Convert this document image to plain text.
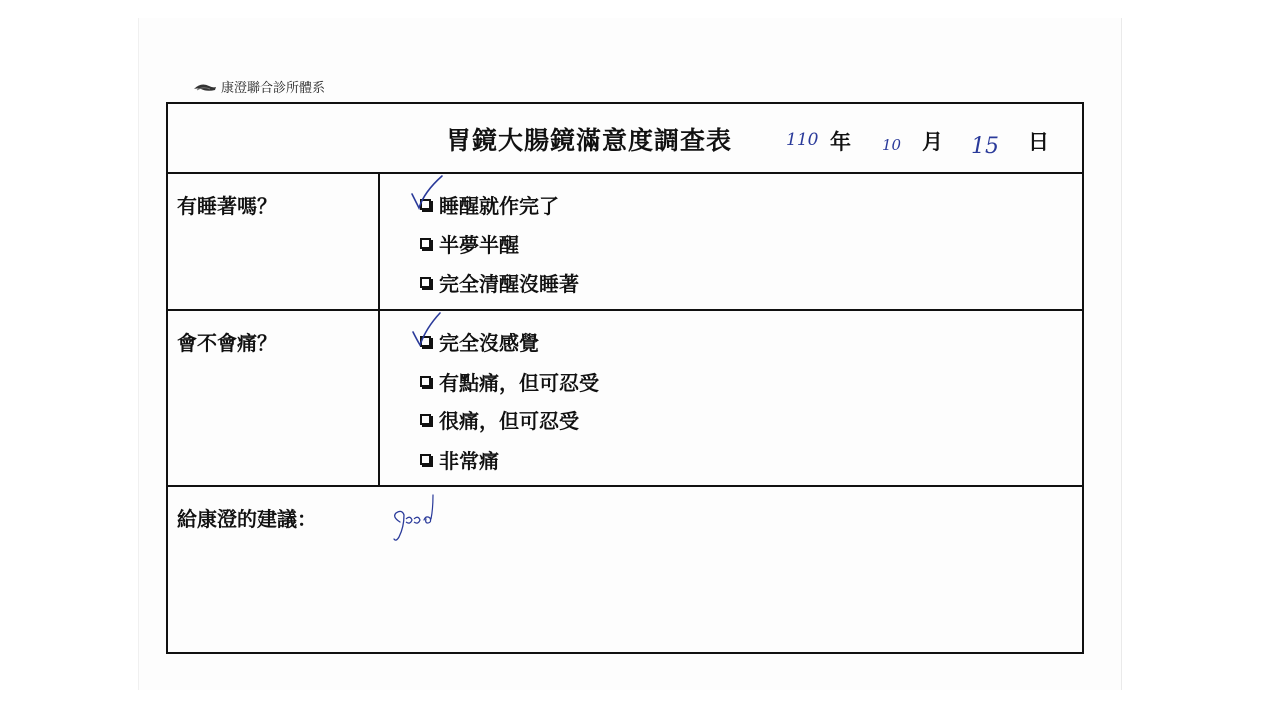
康澄聯合診所體系
胃鏡大腸鏡滿意度調查表	110 年 10 月 15 日
有睡著嗎？	睡醒就作完了
半夢半醒
完全清醒沒睡著
會不會痛？	完全沒感覺
有點痛，但可忍受
很痛，但可忍受
非常痛
給康澄的建議：
